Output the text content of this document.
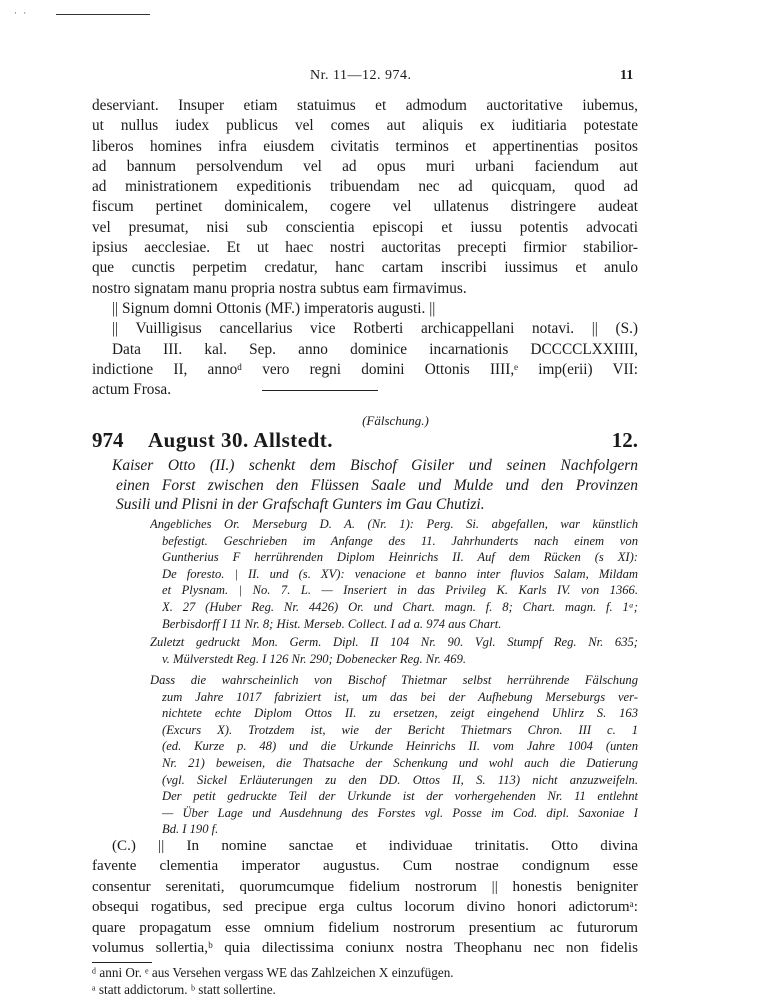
· ·
Nr. 11—12. 974.	11
deserviant. Insuper etiam statuimus et admodum auctoritative iubemus,
ut nullus iudex publicus vel comes aut aliquis ex iuditiaria potestate
liberos homines infra eiusdem civitatis terminos et appertinentias positos
ad bannum persolvendum vel ad opus muri urbani faciendum aut
ad ministrationem expeditionis tribuendam nec ad quicquam, quod ad
fiscum pertinet dominicalem, cogere vel ullatenus distringere audeat
vel presumat, nisi sub conscientia episcopi et iussu potentis advocati
ipsius aecclesiae. Et ut haec nostri auctoritas precepti firmior stabilior-
que cunctis perpetim credatur, hanc cartam inscribi iussimus et anulo
nostro signatam manu propria nostra subtus eam firmavimus.
|| Signum domni Ottonis (MF.) imperatoris augusti. ||
|| Vuilligisus cancellarius vice Rotberti archicappellani notavi. || (S.)
Data III. kal. Sep. anno dominice incarnationis DCCCCLXXIIII,
indictione II, annoᵈ vero regni domini Ottonis IIII,ᵉ imp(erii) VII:
actum Frosa.
(Fälschung.)
974 August 30. Allstedt.	12.
Kaiser Otto (II.) schenkt dem Bischof Gisiler und seinen Nachfolgern
einen Forst zwischen den Flüssen Saale und Mulde und den Provinzen
Susili und Plisni in der Grafschaft Gunters im Gau Chutizi.
Angebliches Or. Merseburg D. A. (Nr. 1): Perg. Si. abgefallen, war künstlich
befestigt. Geschrieben im Anfange des 11. Jahrhunderts nach einem von
Guntherius F herrührenden Diplom Heinrichs II. Auf dem Rücken (s XI):
De foresto. | II. und (s. XV): venacione et banno inter fluvios Salam, Mildam
et Plysnam. | No. 7. L. — Inseriert in das Privileg K. Karls IV. von 1366.
X. 27 (Huber Reg. Nr. 4426) Or. und Chart. magn. f. 8; Chart. magn. f. 1ᵃ;
Berbisdorff I 11 Nr. 8; Hist. Merseb. Collect. I ad a. 974 aus Chart.
Zuletzt gedruckt Mon. Germ. Dipl. II 104 Nr. 90. Vgl. Stumpf Reg. Nr. 635;
v. Mülverstedt Reg. I 126 Nr. 290; Dobenecker Reg. Nr. 469.
Dass die wahrscheinlich von Bischof Thietmar selbst herrührende Fälschung
zum Jahre 1017 fabriziert ist, um das bei der Aufhebung Merseburgs ver-
nichtete echte Diplom Ottos II. zu ersetzen, zeigt eingehend Uhlirz S. 163
(Excurs X). Trotzdem ist, wie der Bericht Thietmars Chron. III c. 1
(ed. Kurze p. 48) und die Urkunde Heinrichs II. vom Jahre 1004 (unten
Nr. 21) beweisen, die Thatsache der Schenkung und wohl auch die Datierung
(vgl. Sickel Erläuterungen zu den DD. Ottos II, S. 113) nicht anzuzweifeln.
Der petit gedruckte Teil der Urkunde ist der vorhergehenden Nr. 11 entlehnt
— Über Lage und Ausdehnung des Forstes vgl. Posse im Cod. dipl. Saxoniae I
Bd. I 190 f.
(C.) || In nomine sanctae et individuae trinitatis. Otto divina
favente clementia imperator augustus. Cum nostrae condignum esse
consentur serenitati, quorumcumque fidelium nostrorum || honestis benigniter
obsequi rogatibus, sed precipue erga cultus locorum divino honori adictorumᵃ:
quare propagatum esse omnium fidelium nostrorum presentium ac futurorum
volumus sollertia,ᵇ quia dilectissima coniunx nostra Theophanu nec non fidelis
ᵈ anni Or. ᵉ aus Versehen vergass WE das Zahlzeichen X einzufügen.
ᵃ statt addictorum. ᵇ statt sollertine.
